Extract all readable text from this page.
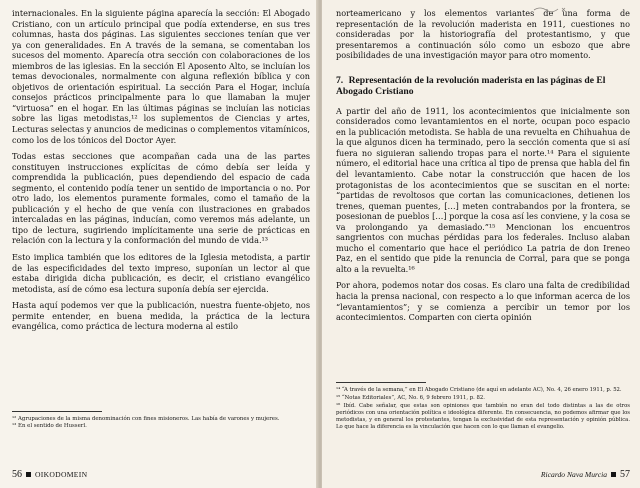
internacionales. En la siguiente página aparecía la sección: El Abogado Cristiano, con un artículo principal que podía extenderse, en sus tres columnas, hasta dos páginas. Las siguientes secciones tenían que ver ya con generalidades. En A través de la semana, se comentaban los sucesos del momento. Aparecía otra sección con colaboraciones de los miembros de las iglesias. En la sección El Aposento Alto, se incluían los temas devocionales, normalmente con alguna reflexión bíblica y con objetivos de orientación espiritual. La sección Para el Hogar, incluía consejos prácticos principalmente para lo que llamaban la mujer “virtuosa” en el hogar. En las últimas páginas se incluían las noticias sobre las ligas metodistas,¹² los suplementos de Ciencias y artes, Lecturas selectas y anuncios de medicinas o complementos vitamínicos, como los de los tónicos del Doctor Ayer.

Todas estas secciones que acompañan cada una de las partes constituyen instrucciones explícitas de cómo debía ser leída y comprendida la publicación, pues dependiendo del espacio de cada segmento, el contenido podía tener un sentido de importancia o no. Por otro lado, los elementos puramente formales, como el tamaño de la publicación y el hecho de que venía con ilustraciones en grabados intercaladas en las páginas, inducían, como veremos más adelante, un tipo de lectura, sugiriendo implícitamente una serie de prácticas en relación con la lectura y la conformación del mundo de vida.¹³

Esto implica también que los editores de la Iglesia metodista, a partir de las especificidades del texto impreso, suponían un lector al que estaba dirigida dicha publicación, es decir, el cristiano evangélico metodista, así de cómo esa lectura suponía debía ser ejercida.

Hasta aquí podemos ver que la publicación, nuestra fuente-objeto, nos permite entender, en buena medida, la práctica de la lectura evangélica, como práctica de lectura moderna al estilo

¹² Agrupaciones de la misma denominación con fines misioneros. Las había de varones y mujeres.

¹³ En el sentido de Husserl.

56 OIKODOMEIN

norteamericano y los elementos variantes de una forma de representación de la revolución maderista en 1911, cuestiones no consideradas por la historiografía del protestantismo, y que presentaremos a continuación sólo como un esbozo que abre posibilidades de una investigación mayor para otro momento.

7. Representación de la revolución maderista en las páginas de El Abogado Cristiano

A partir del año de 1911, los acontecimientos que inicialmente son considerados como levantamientos en el norte, ocupan poco espacio en la publicación metodista. Se habla de una revuelta en Chihuahua de la que algunos dicen ha terminado, pero la sección comenta que si así fuera no siguieran saliendo tropas para el norte.¹⁴ Para el siguiente número, el editorial hace una crítica al tipo de prensa que habla del fin del levantamiento. Cabe notar la construcción que hacen de los protagonistas de los acontecimientos que se suscitan en el norte: “partidas de revoltosos que cortan las comunicaciones, detienen los trenes, queman puentes, […] meten contrabandos por la frontera, se posesionan de pueblos […] porque la cosa así les conviene, y la cosa se va prolongando ya demasiado.”¹⁵ Mencionan los encuentros sangrientos con muchas pérdidas para los federales. Incluso alaban mucho el comentario que hace el periódico La patria de don Ireneo Paz, en el sentido que pide la renuncia de Corral, para que se ponga alto a la revuelta.¹⁶

Por ahora, podemos notar dos cosas. Es claro una falta de credibilidad hacia la prensa nacional, con respecto a lo que informan acerca de los “levantamientos”; y se comienza a percibir un temor por los acontecimientos. Comparten con cierta opinión

¹⁴ “A través de la semana,” en El Abogado Cristiano (de aquí en adelante AC), No. 4, 26 enero 1911, p. 52.

¹⁵ “Notas Editoriales”, AC, No. 6, 9 febrero 1911, p. 82.

¹⁶ Ibíd. Cabe señalar, que estas son opiniones que también no eran del todo distintas a las de otros periódicos con una orientación política e ideológica diferente. En consecuencia, no podemos afirmar que los metodistas, y en general los protestantes, tengan la exclusividad de esta representación y opinión pública. Lo que hace la diferencia es la vinculación que hacen con lo que llaman el evangelio.

Ricardo Nava Murcia 57
